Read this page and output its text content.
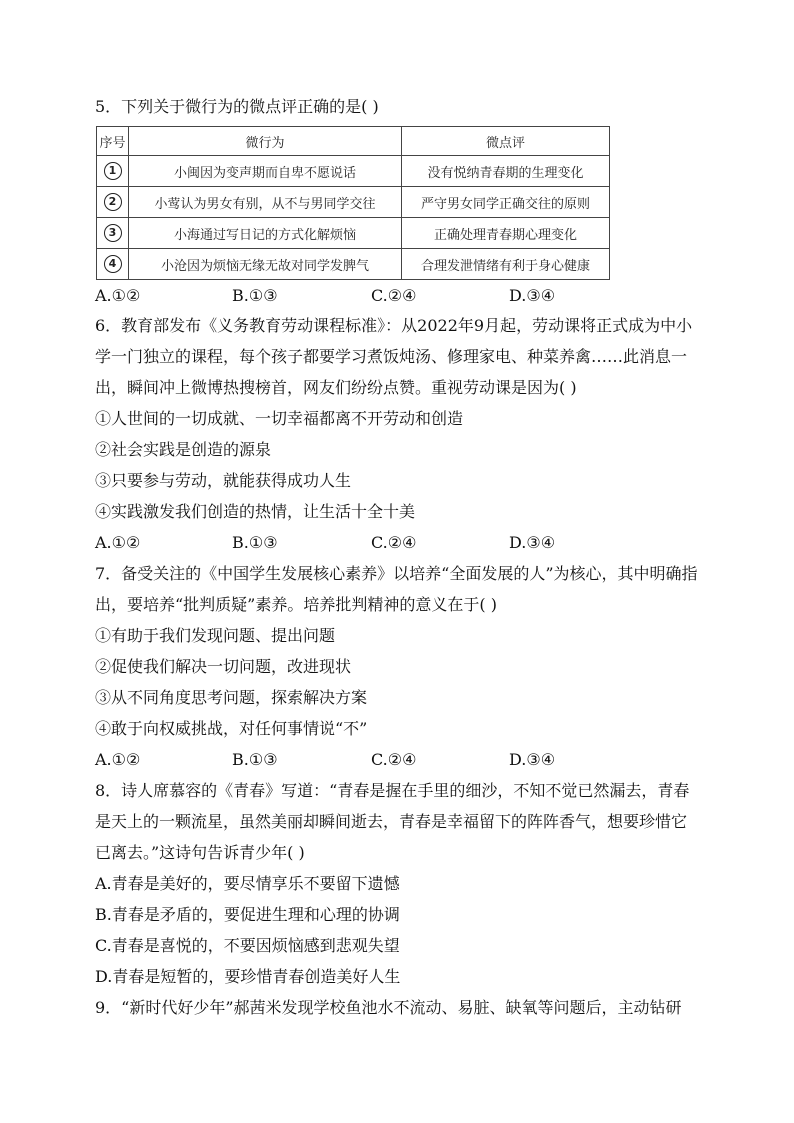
5．下列关于微行为的微点评正确的是( )
序号	微行为	微点评
1	小闽因为变声期而自卑不愿说话	没有悦纳青春期的生理变化
2	小莺认为男女有别，从不与男同学交往	严守男女同学正确交往的原则
3	小海通过写日记的方式化解烦恼	正确处理青春期心理变化
4	小沧因为烦恼无缘无故对同学发脾气	合理发泄情绪有利于身心健康
A.①②	B.①③	C.②④	D.③④
6．教育部发布《义务教育劳动课程标准》：从2022年9月起，劳动课将正式成为中小
学一门独立的课程，每个孩子都要学习煮饭炖汤、修理家电、种菜养禽……此消息一
出，瞬间冲上微博热搜榜首，网友们纷纷点赞。重视劳动课是因为( )
①人世间的一切成就、一切幸福都离不开劳动和创造
②社会实践是创造的源泉
③只要参与劳动，就能获得成功人生
④实践激发我们创造的热情，让生活十全十美
A.①②	B.①③	C.②④	D.③④
7．备受关注的《中国学生发展核心素养》以培养“全面发展的人”为核心，其中明确指
出，要培养“批判质疑”素养。培养批判精神的意义在于( )
①有助于我们发现问题、提出问题
②促使我们解决一切问题，改进现状
③从不同角度思考问题，探索解决方案
④敢于向权威挑战，对任何事情说“不”
A.①②	B.①③	C.②④	D.③④
8．诗人席慕容的《青春》写道：“青春是握在手里的细沙，不知不觉已然漏去，青春
是天上的一颗流星，虽然美丽却瞬间逝去，青春是幸福留下的阵阵香气，想要珍惜它
已离去。”这诗句告诉青少年( )
A.青春是美好的，要尽情享乐不要留下遗憾
B.青春是矛盾的，要促进生理和心理的协调
C.青春是喜悦的，不要因烦恼感到悲观失望
D.青春是短暂的，要珍惜青春创造美好人生
9．“新时代好少年”郝茜米发现学校鱼池水不流动、易脏、缺氧等问题后，主动钻研
